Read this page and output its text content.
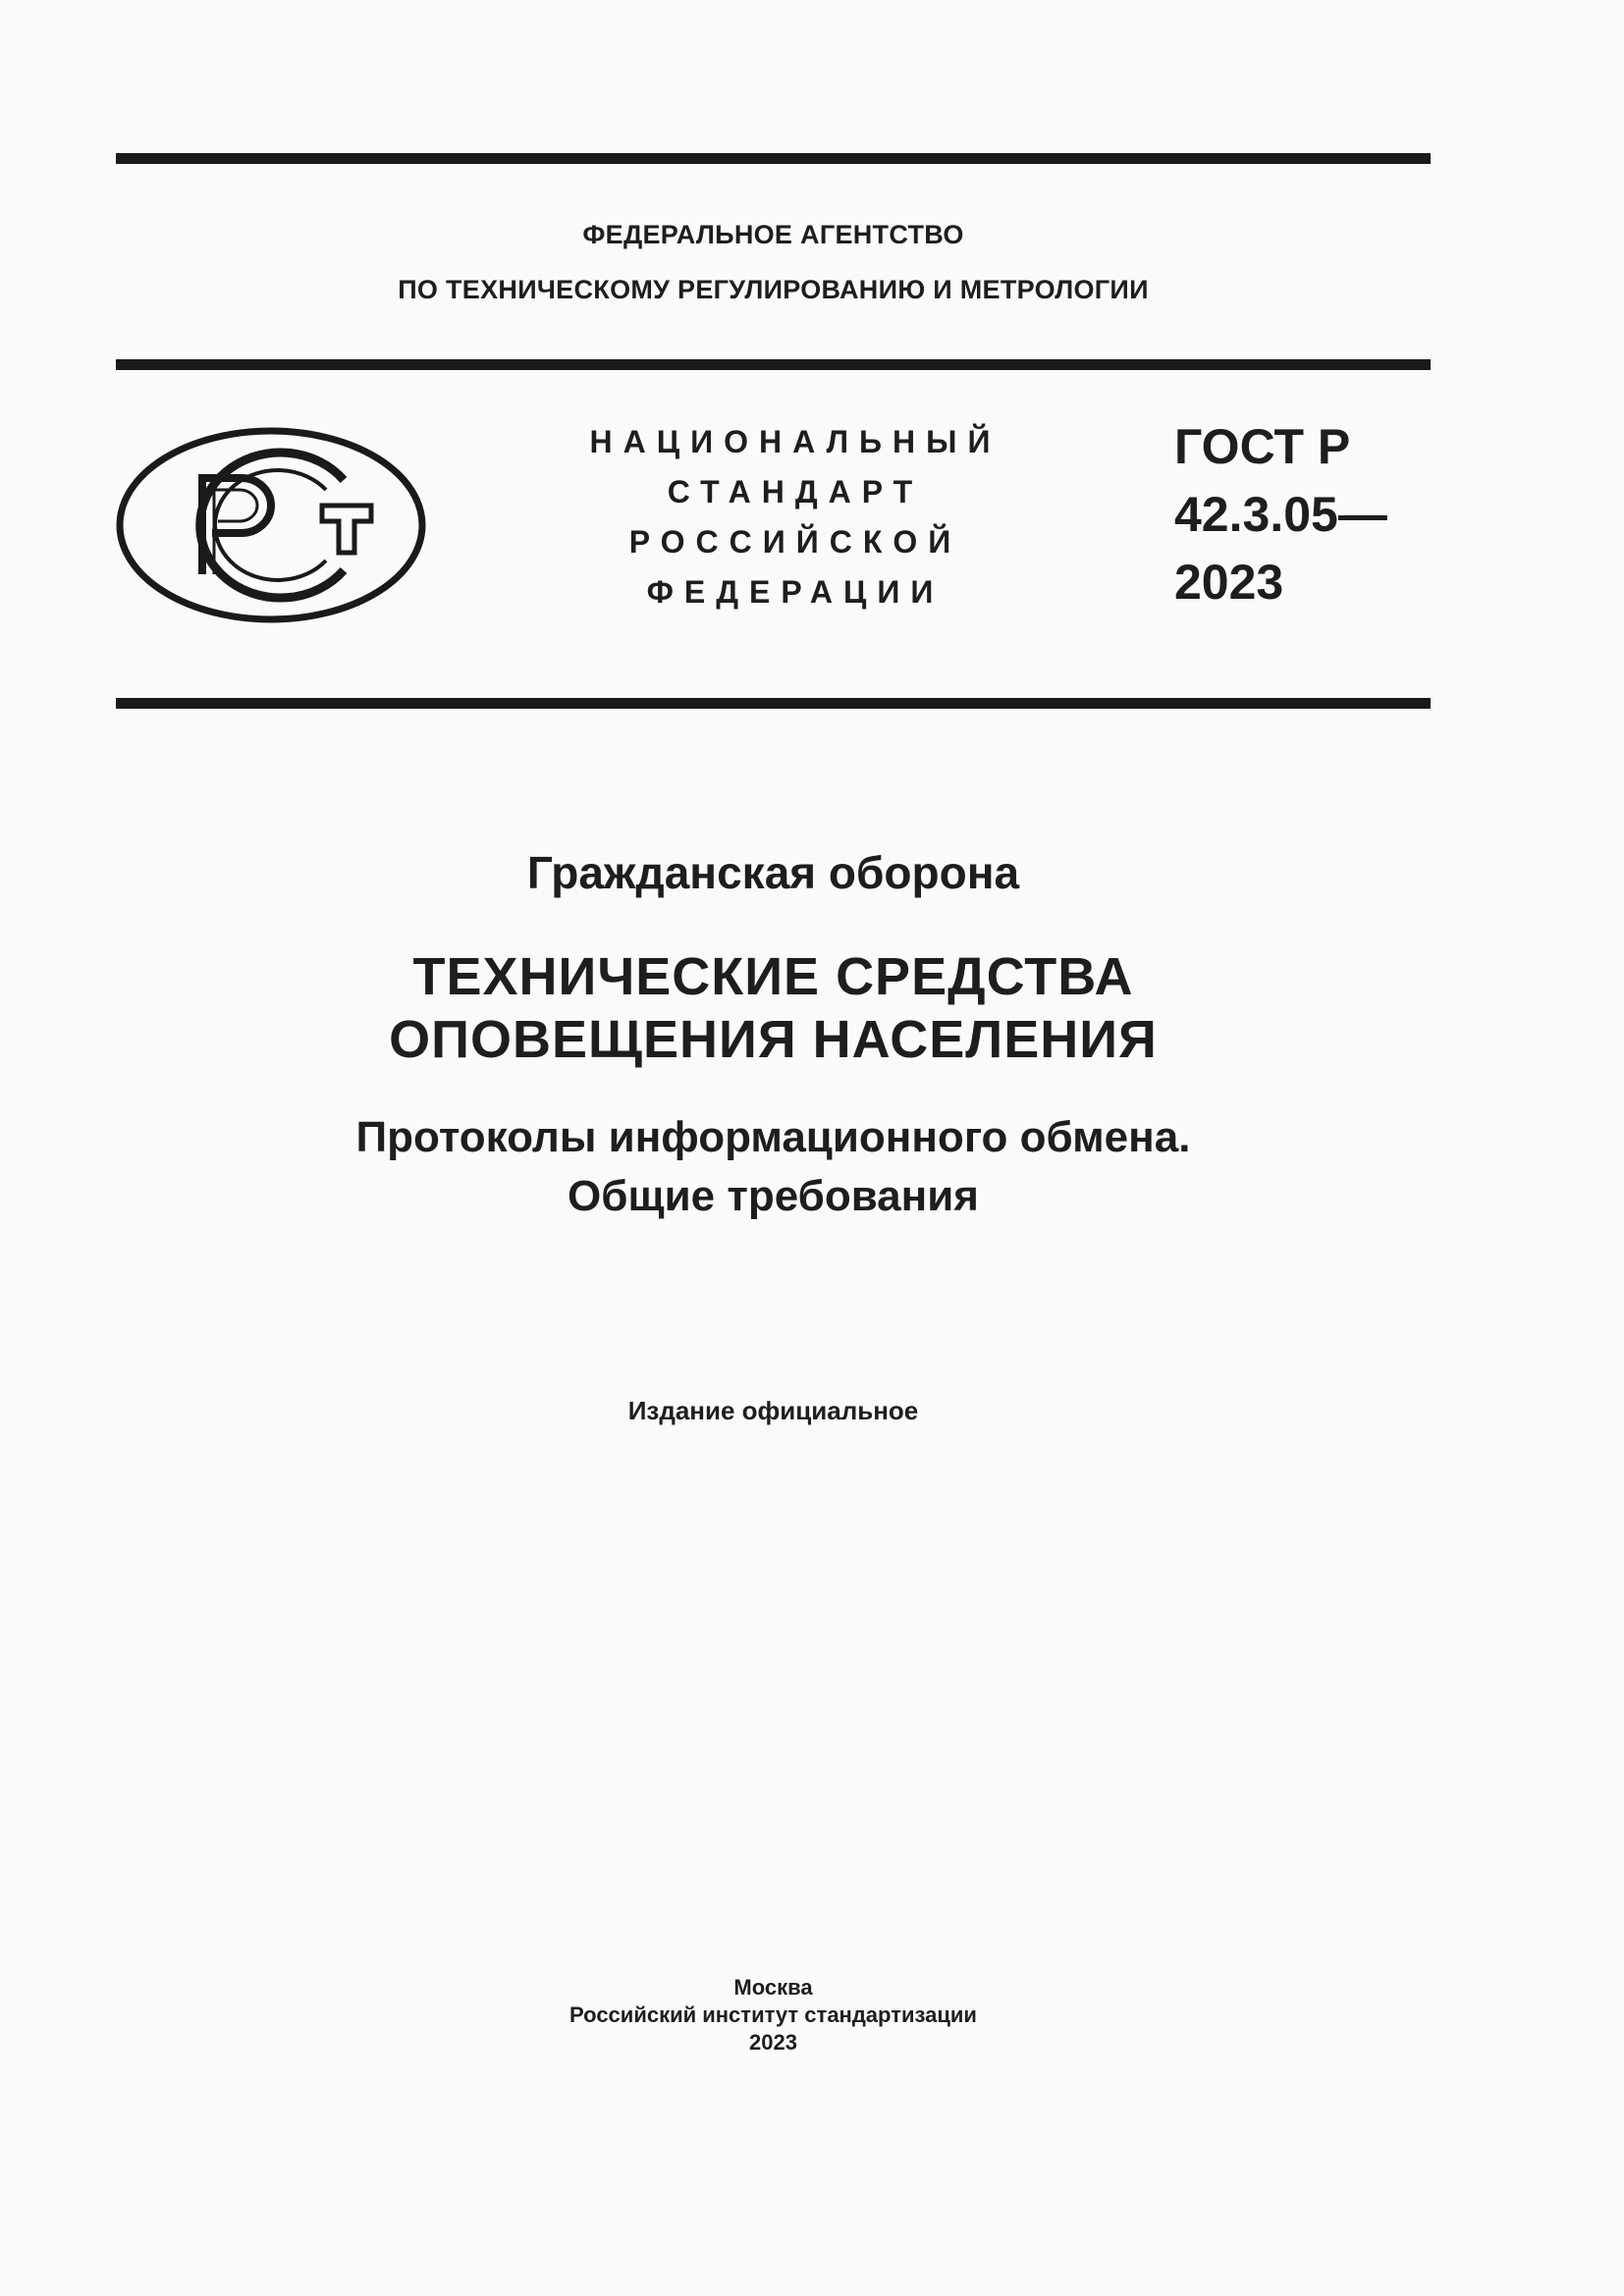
ФЕДЕРАЛЬНОЕ АГЕНТСТВО
ПО ТЕХНИЧЕСКОМУ РЕГУЛИРОВАНИЮ И МЕТРОЛОГИИ
НАЦИОНАЛЬНЫЙ
СТАНДАРТ
РОССИЙСКОЙ
ФЕДЕРАЦИИ
ГОСТ Р
42.3.05—
2023
Гражданская оборона
ТЕХНИЧЕСКИЕ СРЕДСТВА
ОПОВЕЩЕНИЯ НАСЕЛЕНИЯ
Протоколы информационного обмена.
Общие требования
Издание официальное
Москва
Российский институт стандартизации
2023
